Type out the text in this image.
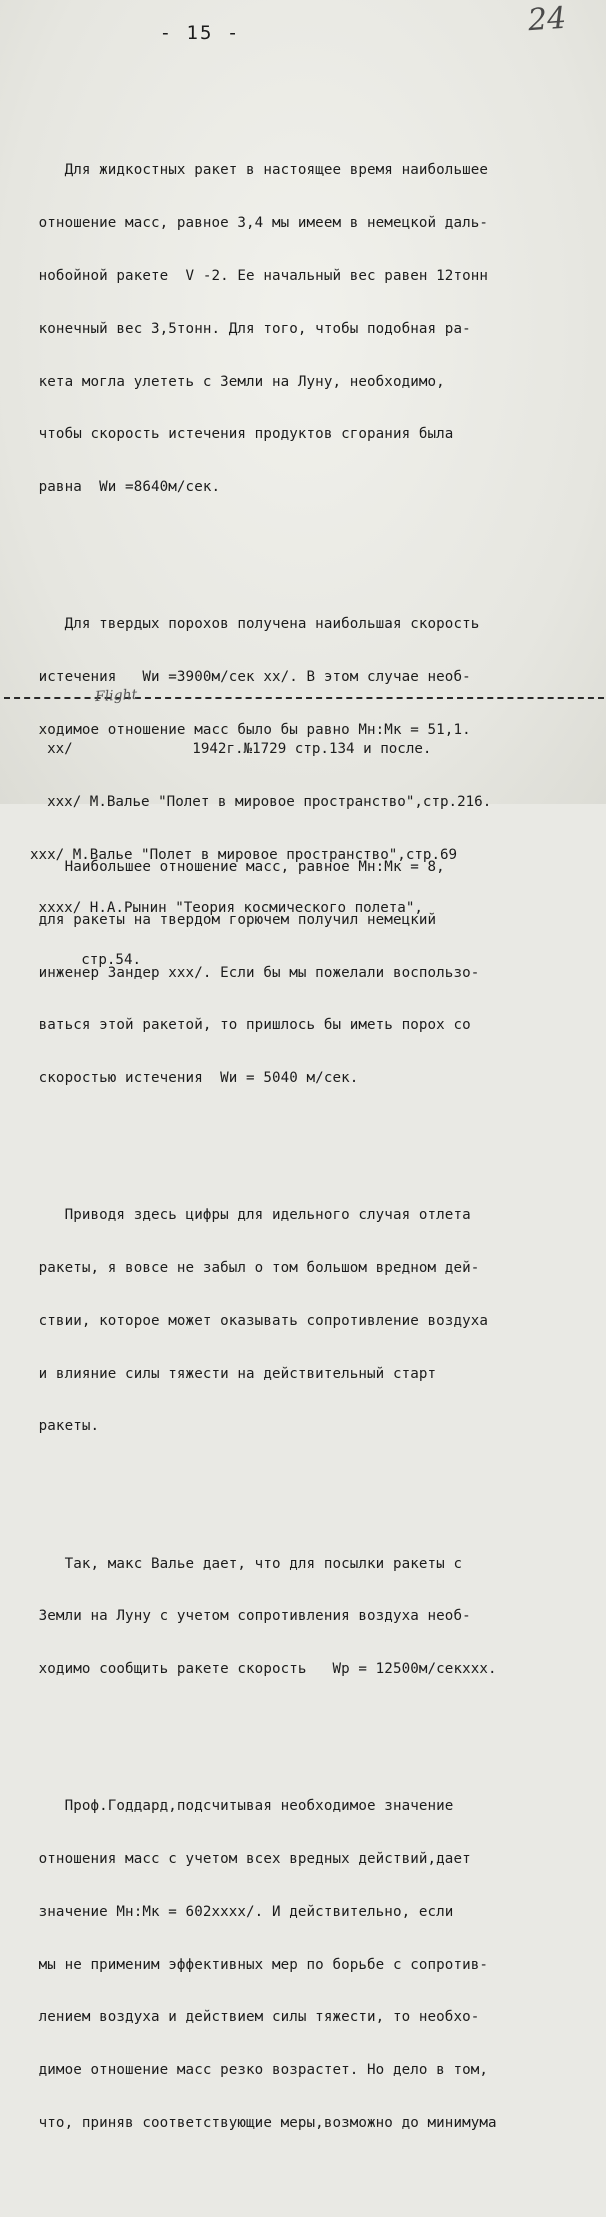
- 15 -	24

Для жидкостных ракет в настоящее время наибольшее

отношение масс, равное 3,4 мы имеем в немецкой даль-

нобойной ракете  V -2. Ее начальный вес равен 12тонн

конечный вес 3,5тонн. Для того, чтобы подобная ра-

кета могла улететь с Земли на Луну, необходимо,

чтобы скорость истечения продуктов сгорания была

равна  Wи =8640м/сек.

Для твердых порохов получена наибольшая скорость

истечения   Wи =3900м/сек xx/. В этом случае необ-

ходимое отношение масс было бы равно Mн:Mк = 51,1.

Наибольшее отношение масс, равное Mн:Mк = 8,

для ракеты на твердом горючем получил немецкий

инженер Зандер xxx/. Если бы мы пожелали воспользо-

ваться этой ракетой, то пришлось бы иметь порох со

скоростью истечения  Wи = 5040 м/сек.

Приводя здесь цифры для идельного случая отлета

ракеты, я вовсе не забыл о том большом вредном дей-

ствии, которое может оказывать сопротивление воздуха

и влияние силы тяжести на действительный старт

ракеты.

Так, макс Валье дает, что для посылки ракеты с

Земли на Луну с учетом сопротивления воздуха необ-

ходимо сообщить ракете скорость   Wр = 12500м/секxxx.

Проф.Годдард,подсчитывая необходимое значение

отношения масс с учетом всех вредных действий,дает

значение Mн:Mк = 602xxxx/. И действительно, если

мы не применим эффективных мер по борьбе с сопротив-

лением воздуха и действием силы тяжести, то необхо-

димое отношение масс резко возрастет. Но дело в том,

что, приняв соответствующие меры,возможно до минимума

Flight

xx/              1942г.№1729 стр.134 и после.

xxx/ М.Валье "Полет в мировое пространство",стр.216.

xxx/ М.Валье "Полет в мировое пространство",стр.69

xxxx/ Н.А.Рынин "Теория космического полета",

стр.54.
